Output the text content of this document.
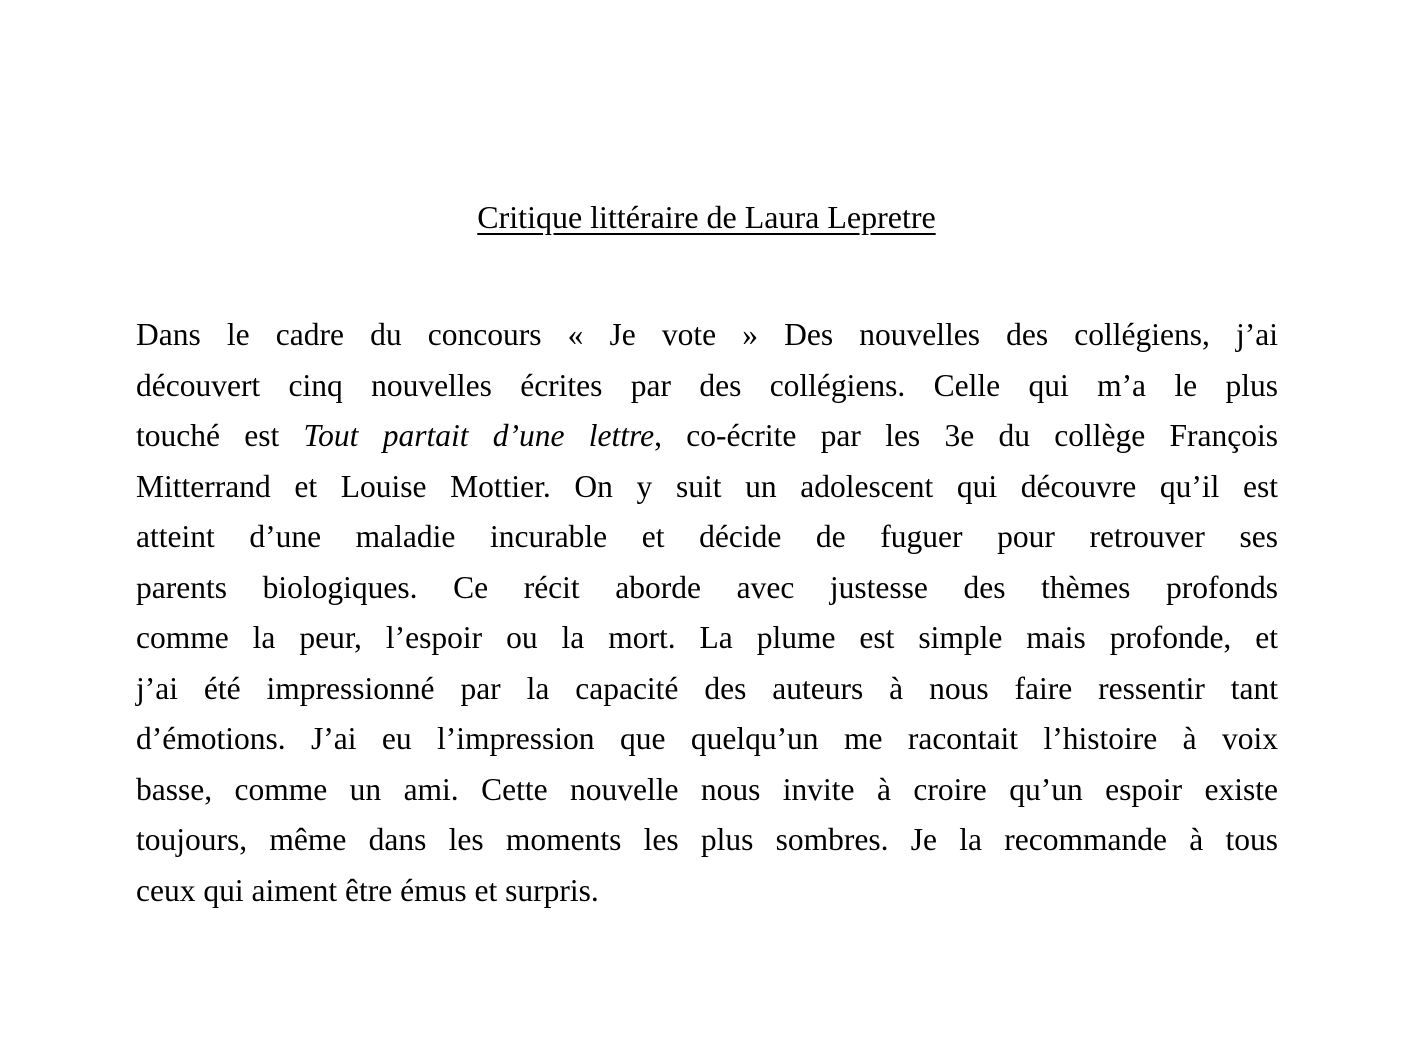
Critique littéraire de Laura Lepretre
Dans le cadre du concours « Je vote » Des nouvelles des collégiens, j’ai
découvert cinq nouvelles écrites par des collégiens. Celle qui m’a le plus
touché est Tout partait d’une lettre, co-écrite par les 3e du collège François
Mitterrand et Louise Mottier. On y suit un adolescent qui découvre qu’il est
atteint d’une maladie incurable et décide de fuguer pour retrouver ses
parents biologiques. Ce récit aborde avec justesse des thèmes profonds
comme la peur, l’espoir ou la mort. La plume est simple mais profonde, et
j’ai été impressionné par la capacité des auteurs à nous faire ressentir tant
d’émotions. J’ai eu l’impression que quelqu’un me racontait l’histoire à voix
basse, comme un ami. Cette nouvelle nous invite à croire qu’un espoir existe
toujours, même dans les moments les plus sombres. Je la recommande à tous
ceux qui aiment être émus et surpris.
